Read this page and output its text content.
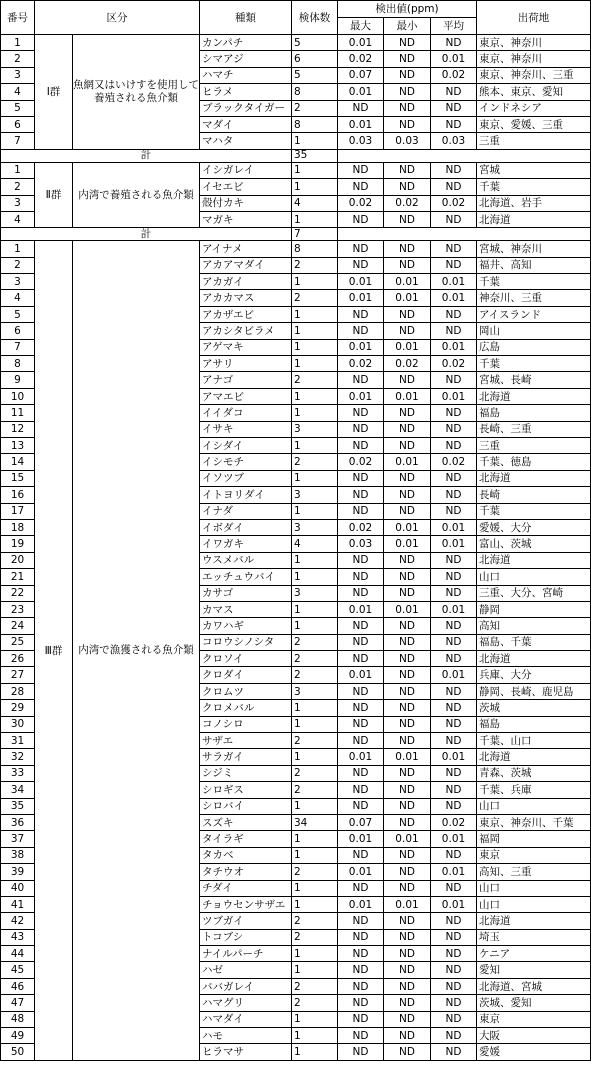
番号	区分		種類	検体数	検出値(ppm)			出荷地
					最大	最小	平均	
1	Ⅰ群	魚網又はいけすを使用して養殖される魚介類	カンパチ	5	0.01	ND	ND	東京、神奈川
2			シマアジ	6	0.02	ND	0.01	東京、神奈川
3			ハマチ	5	0.07	ND	0.02	東京、神奈川、三重
4			ヒラメ	8	0.01	ND	ND	熊本、東京、愛知
5			ブラックタイガー	2	ND	ND	ND	インドネシア
6			マダイ	8	0.01	ND	ND	東京、愛媛、三重
7			マハタ	1	0.03	0.03	0.03	三重
計				35				
1	Ⅱ群	内湾で養殖される魚介類	イシガレイ	1	ND	ND	ND	宮城
2			イセエビ	1	ND	ND	ND	千葉
3			殻付カキ	4	0.02	0.02	0.02	北海道、岩手
4			マガキ	1	ND	ND	ND	北海道
計				7				
1	Ⅲ群	内湾で漁獲される魚介類	アイナメ	8	ND	ND	ND	宮城、神奈川
2			アカアマダイ	2	ND	ND	ND	福井、高知
3			アカガイ	1	0.01	0.01	0.01	千葉
4			アカカマス	2	0.01	0.01	0.01	神奈川、三重
5			アカザエビ	1	ND	ND	ND	アイスランド
6			アカシタビラメ	1	ND	ND	ND	岡山
7			アゲマキ	1	0.01	0.01	0.01	広島
8			アサリ	1	0.02	0.02	0.02	千葉
9			アナゴ	2	ND	ND	ND	宮城、長崎
10			アマエビ	1	0.01	0.01	0.01	北海道
11			イイダコ	1	ND	ND	ND	福島
12			イサキ	3	ND	ND	ND	長崎、三重
13			イシダイ	1	ND	ND	ND	三重
14			イシモチ	2	0.02	0.01	0.02	千葉、徳島
15			イソツブ	1	ND	ND	ND	北海道
16			イトヨリダイ	3	ND	ND	ND	長崎
17			イナダ	1	ND	ND	ND	千葉
18			イボダイ	3	0.02	0.01	0.01	愛媛、大分
19			イワガキ	4	0.03	0.01	0.01	富山、茨城
20			ウスメバル	1	ND	ND	ND	北海道
21			エッチュウバイ	1	ND	ND	ND	山口
22			カサゴ	3	ND	ND	ND	三重、大分、宮崎
23			カマス	1	0.01	0.01	0.01	静岡
24			カワハギ	1	ND	ND	ND	高知
25			コロウシノシタ	2	ND	ND	ND	福島、千葉
26			クロソイ	2	ND	ND	ND	北海道
27			クロダイ	2	0.01	ND	0.01	兵庫、大分
28			クロムツ	3	ND	ND	ND	静岡、長崎、鹿児島
29			クロメバル	1	ND	ND	ND	茨城
30			コノシロ	1	ND	ND	ND	福島
31			サザエ	2	ND	ND	ND	千葉、山口
32			サラガイ	1	0.01	0.01	0.01	北海道
33			シジミ	2	ND	ND	ND	青森、茨城
34			シロギス	2	ND	ND	ND	千葉、兵庫
35			シロバイ	1	ND	ND	ND	山口
36			スズキ	34	0.07	ND	0.02	東京、神奈川、千葉
37			タイラギ	1	0.01	0.01	0.01	福岡
38			タカベ	1	ND	ND	ND	東京
39			タチウオ	2	0.01	ND	0.01	高知、三重
40			チダイ	1	ND	ND	ND	山口
41			チョウセンサザエ	1	0.01	0.01	0.01	山口
42			ツブガイ	2	ND	ND	ND	北海道
43			トコブシ	2	ND	ND	ND	埼玉
44			ナイルパーチ	1	ND	ND	ND	ケニア
45			ハゼ	1	ND	ND	ND	愛知
46			ババガレイ	2	ND	ND	ND	北海道、宮城
47			ハマグリ	2	ND	ND	ND	茨城、愛知
48			ハマダイ	1	ND	ND	ND	東京
49			ハモ	1	ND	ND	ND	大阪
50			ヒラマサ	1	ND	ND	ND	愛媛
